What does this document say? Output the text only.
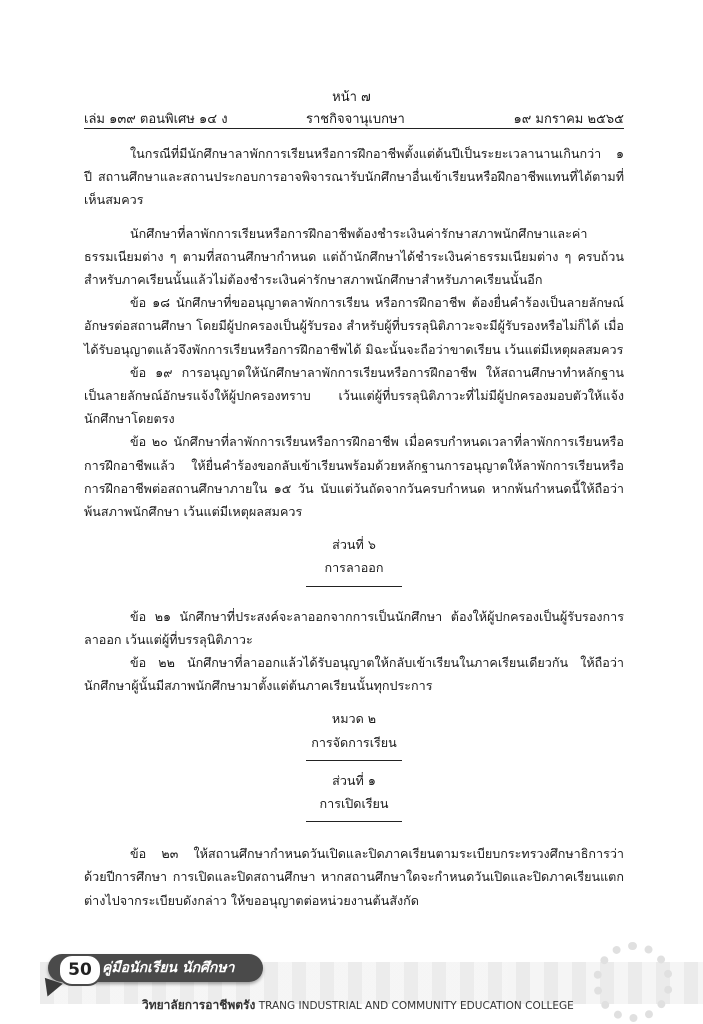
หน้า ๗
เล่ม ๑๓๙ ตอนพิเศษ ๑๔ ง	ราชกิจจานุเบกษา	๑๙ มกราคม ๒๕๖๕

ในกรณีที่มีนักศึกษาลาพักการเรียนหรือการฝึกอาชีพตั้งแต่ต้นปีเป็นระยะเวลานานเกินกว่า ๑ ปี สถานศึกษาและสถานประกอบการอาจพิจารณารับนักศึกษาอื่นเข้าเรียนหรือฝึกอาชีพแทนที่ได้ตามที่เห็นสมควร

นักศึกษาที่ลาพักการเรียนหรือการฝึกอาชีพต้องชำระเงินค่ารักษาสภาพนักศึกษาและค่าธรรมเนียมต่าง ๆ ตามที่สถานศึกษากำหนด แต่ถ้านักศึกษาได้ชำระเงินค่าธรรมเนียมต่าง ๆ ครบถ้วนสำหรับภาคเรียนนั้นแล้วไม่ต้องชำระเงินค่ารักษาสภาพนักศึกษาสำหรับภาคเรียนนั้นอีก

ข้อ ๑๘ นักศึกษาที่ขออนุญาตลาพักการเรียน หรือการฝึกอาชีพ ต้องยื่นคำร้องเป็นลายลักษณ์อักษรต่อสถานศึกษา โดยมีผู้ปกครองเป็นผู้รับรอง สำหรับผู้ที่บรรลุนิติภาวะจะมีผู้รับรองหรือไม่ก็ได้ เมื่อได้รับอนุญาตแล้วจึงพักการเรียนหรือการฝึกอาชีพได้ มิฉะนั้นจะถือว่าขาดเรียน เว้นแต่มีเหตุผลสมควร

ข้อ ๑๙ การอนุญาตให้นักศึกษาลาพักการเรียนหรือการฝึกอาชีพ ให้สถานศึกษาทำหลักฐานเป็นลายลักษณ์อักษรแจ้งให้ผู้ปกครองทราบ เว้นแต่ผู้ที่บรรลุนิติภาวะที่ไม่มีผู้ปกครองมอบตัวให้แจ้งนักศึกษาโดยตรง

ข้อ ๒๐ นักศึกษาที่ลาพักการเรียนหรือการฝึกอาชีพ เมื่อครบกำหนดเวลาที่ลาพักการเรียนหรือการฝึกอาชีพแล้ว ให้ยื่นคำร้องขอกลับเข้าเรียนพร้อมด้วยหลักฐานการอนุญาตให้ลาพักการเรียนหรือการฝึกอาชีพต่อสถานศึกษาภายใน ๑๕ วัน นับแต่วันถัดจากวันครบกำหนด หากพ้นกำหนดนี้ให้ถือว่าพ้นสภาพนักศึกษา เว้นแต่มีเหตุผลสมควร

ส่วนที่ ๖

การลาออก

ข้อ ๒๑ นักศึกษาที่ประสงค์จะลาออกจากการเป็นนักศึกษา ต้องให้ผู้ปกครองเป็นผู้รับรองการลาออก เว้นแต่ผู้ที่บรรลุนิติภาวะ

ข้อ ๒๒ นักศึกษาที่ลาออกแล้วได้รับอนุญาตให้กลับเข้าเรียนในภาคเรียนเดียวกัน ให้ถือว่านักศึกษาผู้นั้นมีสภาพนักศึกษามาตั้งแต่ต้นภาคเรียนนั้นทุกประการ

หมวด ๒

การจัดการเรียน

ส่วนที่ ๑

การเปิดเรียน

ข้อ ๒๓ ให้สถานศึกษากำหนดวันเปิดและปิดภาคเรียนตามระเบียบกระทรวงศึกษาธิการว่าด้วยปีการศึกษา การเปิดและปิดสถานศึกษา หากสถานศึกษาใดจะกำหนดวันเปิดและปิดภาคเรียนแตกต่างไปจากระเบียบดังกล่าว ให้ขออนุญาตต่อหน่วยงานต้นสังกัด

50 คู่มือนักเรียน นักศึกษา
วิทยาลัยการอาชีพตรัง TRANG INDUSTRIAL AND COMMUNITY EDUCATION COLLEGE
